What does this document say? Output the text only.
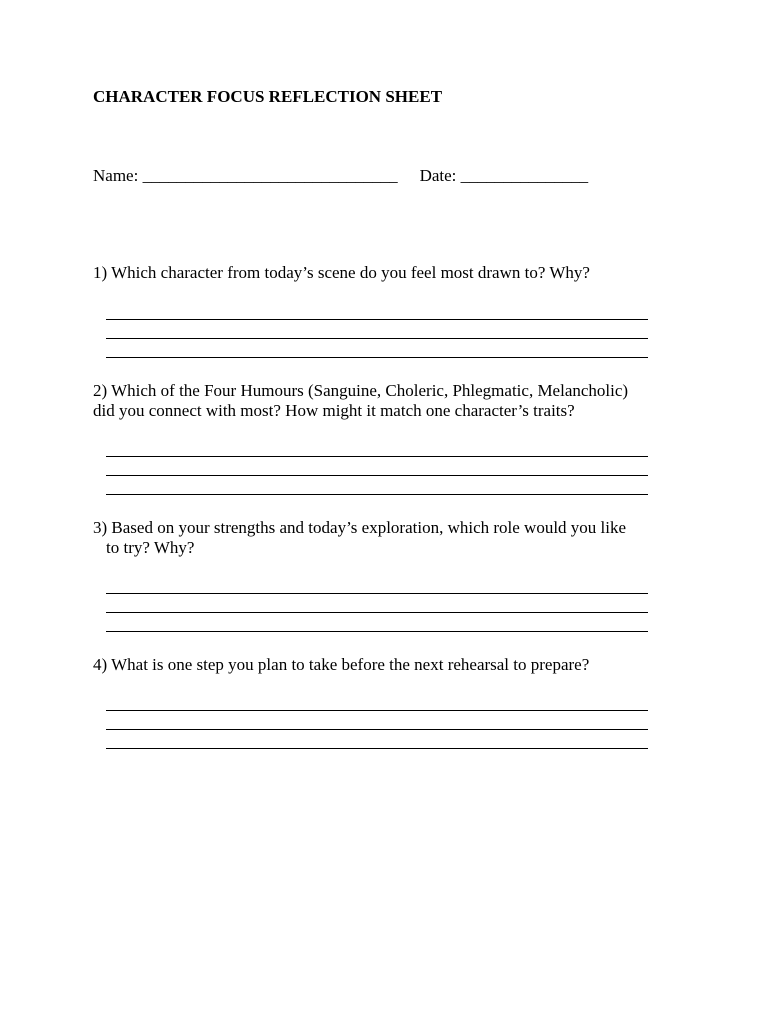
CHARACTER FOCUS REFLECTION SHEET
Name: ______________________________ Date: _______________
1) Which character from today’s scene do you feel most drawn to? Why?
2) Which of the Four Humours (Sanguine, Choleric, Phlegmatic, Melancholic)
did you connect with most? How might it match one character’s traits?
3) Based on your strengths and today’s exploration, which role would you like
to try? Why?
4) What is one step you plan to take before the next rehearsal to prepare?
